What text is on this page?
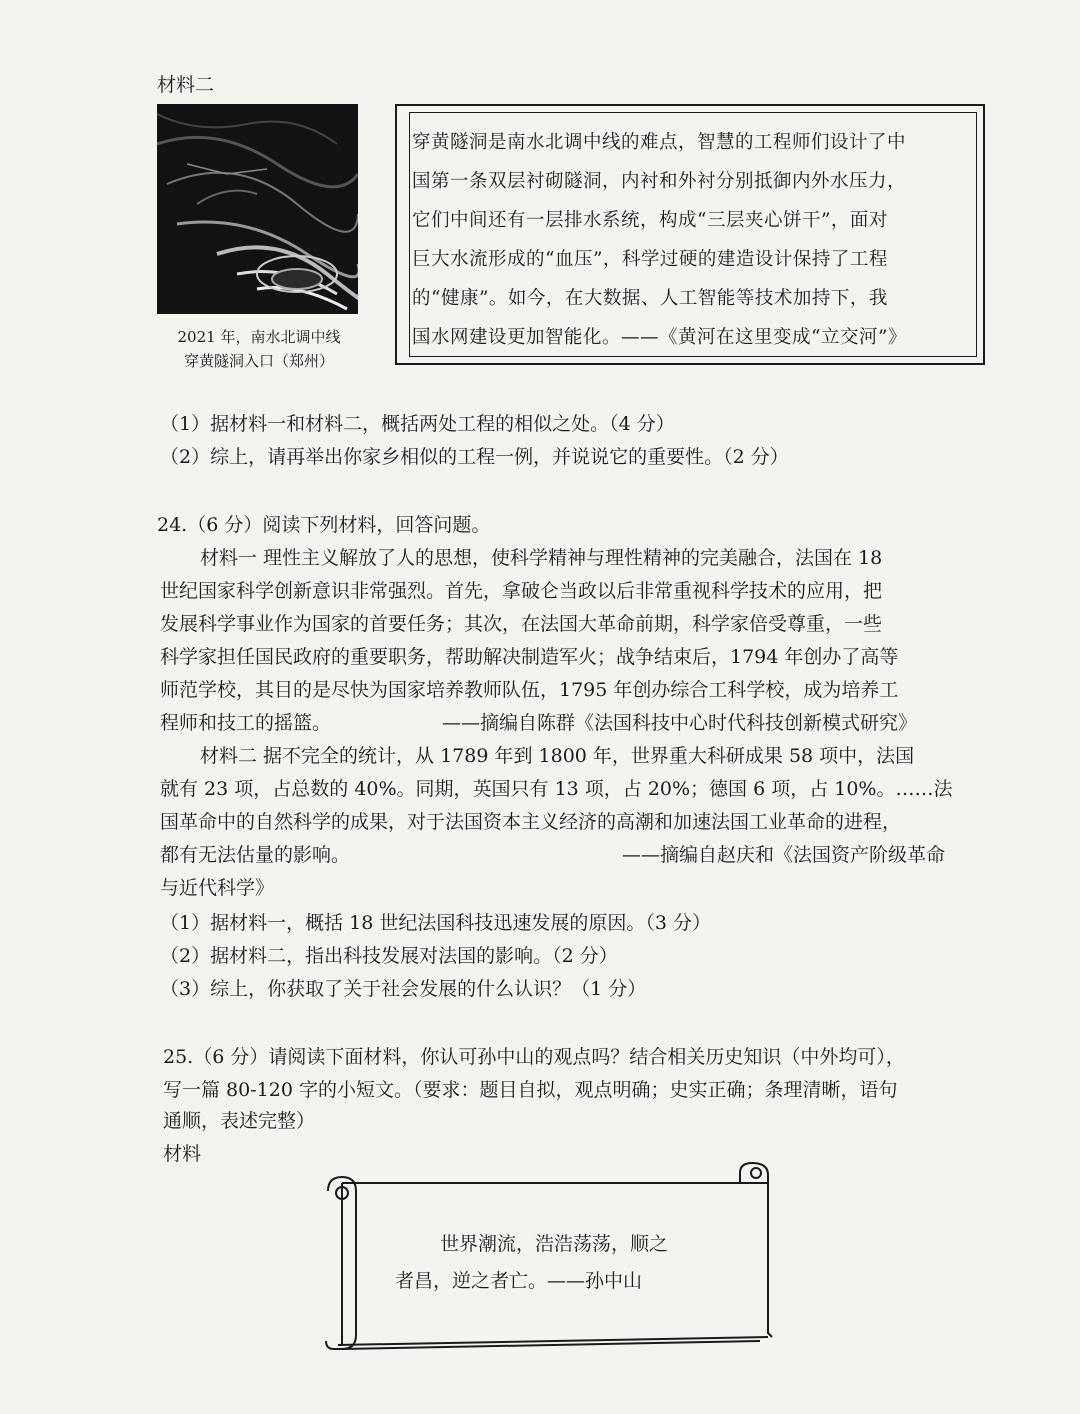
材料二
2021 年，南水北调中线
穿黄隧洞入口（郑州）
穿黄隧洞是南水北调中线的难点，智慧的工程师们设计了中
国第一条双层衬砌隧洞，内衬和外衬分别抵御内外水压力，
它们中间还有一层排水系统，构成“三层夹心饼干”，面对
巨大水流形成的“血压”，科学过硬的建造设计保持了工程
的“健康”。如今，在大数据、人工智能等技术加持下，我
国水网建设更加智能化。——《黄河在这里变成“立交河”》
（1）据材料一和材料二，概括两处工程的相似之处。（4 分）
（2）综上，请再举出你家乡相似的工程一例，并说说它的重要性。（2 分）
24.（6 分）阅读下列材料，回答问题。
材料一 理性主义解放了人的思想，使科学精神与理性精神的完美融合，法国在 18
世纪国家科学创新意识非常强烈。首先，拿破仑当政以后非常重视科学技术的应用，把
发展科学事业作为国家的首要任务；其次，在法国大革命前期，科学家倍受尊重，一些
科学家担任国民政府的重要职务，帮助解决制造军火；战争结束后，1794 年创办了高等
师范学校，其目的是尽快为国家培养教师队伍，1795 年创办综合工科学校，成为培养工
程师和技工的摇篮。	——摘编自陈群《法国科技中心时代科技创新模式研究》
材料二 据不完全的统计，从 1789 年到 1800 年，世界重大科研成果 58 项中，法国
就有 23 项，占总数的 40%。同期，英国只有 13 项，占 20%；德国 6 项，占 10%。……法
国革命中的自然科学的成果，对于法国资本主义经济的高潮和加速法国工业革命的进程，
都有无法估量的影响。	——摘编自赵庆和《法国资产阶级革命
与近代科学》
（1）据材料一，概括 18 世纪法国科技迅速发展的原因。（3 分）
（2）据材料二，指出科技发展对法国的影响。（2 分）
（3）综上，你获取了关于社会发展的什么认识？（1 分）
25.（6 分）请阅读下面材料，你认可孙中山的观点吗？结合相关历史知识（中外均可），
写一篇 80-120 字的小短文。（要求：题目自拟，观点明确；史实正确；条理清晰，语句
通顺，表述完整）
材料
世界潮流，浩浩荡荡，顺之
者昌，逆之者亡。——孙中山
